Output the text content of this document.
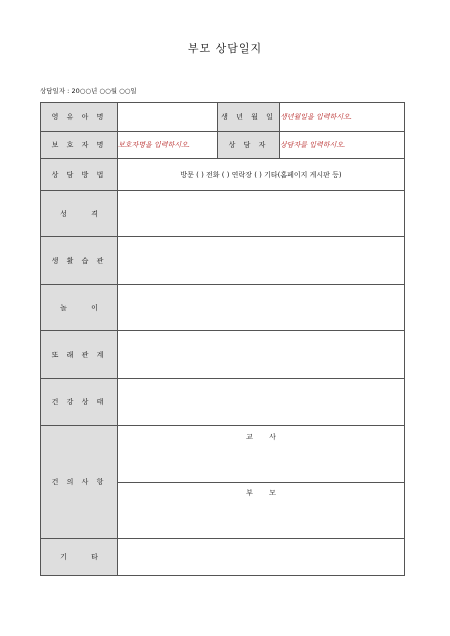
부모 상담일지
상담일자 : 20○○년 ○○월 ○○일
영 유 아 명		생 년 월 일	생년월일을 입력하시오.
보 호 자 명	보호자명을 입력하시오.	상 담 자	상담자를 입력하시오.
상 담 방 법	방문 ( ) 전화 ( ) 연락장 ( ) 기타(홈페이지 게시판 등)		
성 격			
생 활 습 관			
놀 이			
또 래 관 계			
건 강 상 태			
건 의 사 항	교 사
부 모		

기 타			
